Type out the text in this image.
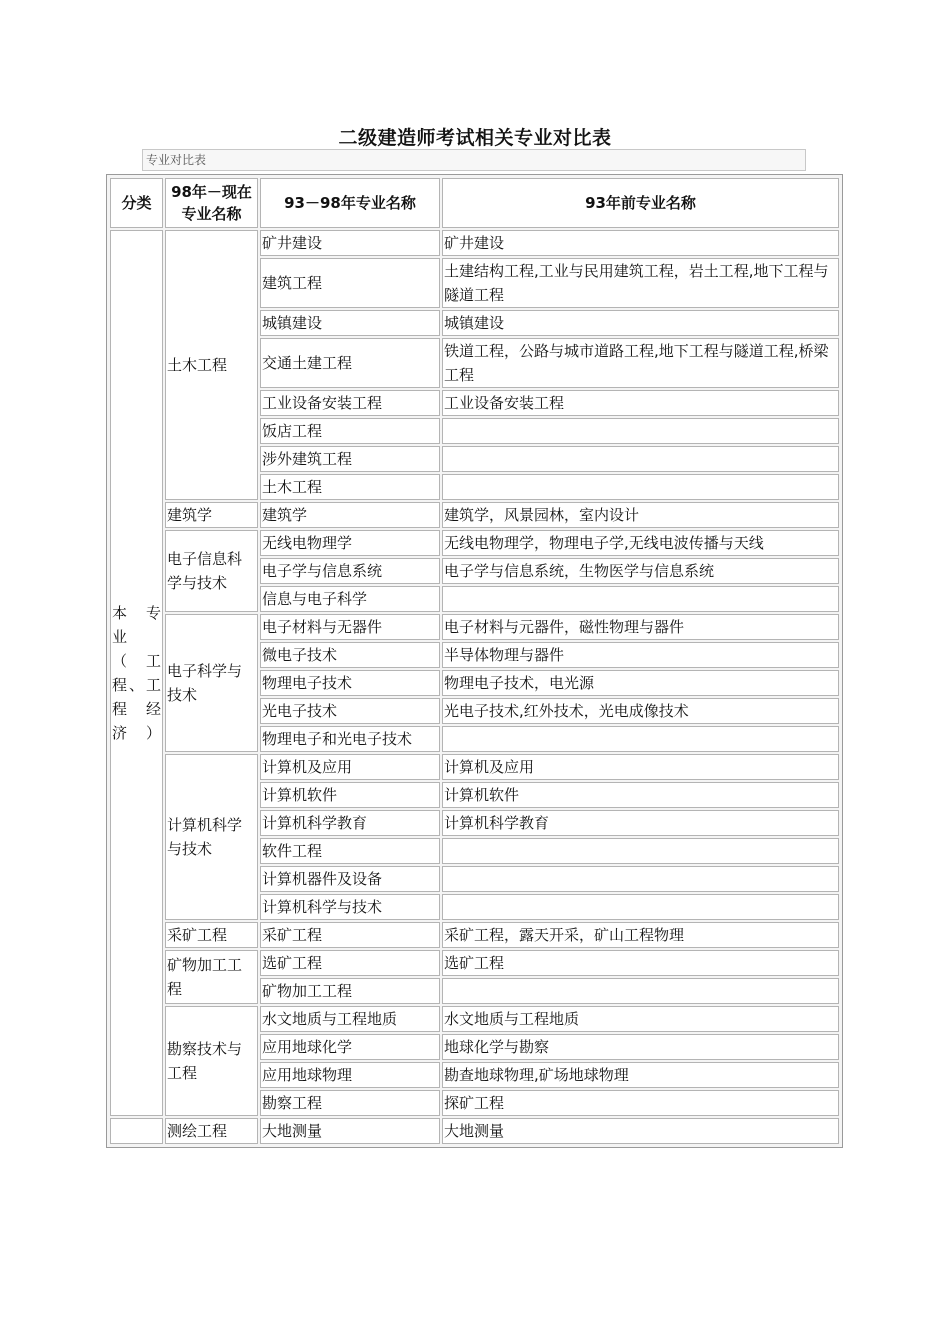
二级建造师考试相关专业对比表
专业对比表
分类	98年－现在专业名称	93－98年专业名称	93年前专业名称

本　专业 （工程、工程经济）	土木工程	矿井建设	矿井建设
		建筑工程	土建结构工程,工业与民用建筑工程，岩土工程,地下工程与隧道工程
		城镇建设	城镇建设
		交通土建工程	铁道工程，公路与城市道路工程,地下工程与隧道工程,桥梁工程
		工业设备安装工程	工业设备安装工程
		饭店工程	
		涉外建筑工程	
		土木工程	
	建筑学	建筑学	建筑学，风景园林，室内设计
	电子信息科学与技术	无线电物理学	无线电物理学，物理电子学,无线电波传播与天线
		电子学与信息系统	电子学与信息系统，生物医学与信息系统
		信息与电子科学	
	电子科学与技术	电子材料与无器件	电子材料与元器件，磁性物理与器件
		微电子技术	半导体物理与器件
		物理电子技术	物理电子技术，电光源
		光电子技术	光电子技术,红外技术，光电成像技术
		物理电子和光电子技术	
	计算机科学与技术	计算机及应用	计算机及应用
		计算机软件	计算机软件
		计算机科学教育	计算机科学教育
		软件工程	
		计算机器件及设备	
		计算机科学与技术	
	采矿工程	采矿工程	采矿工程，露天开采，矿山工程物理
	矿物加工工程	选矿工程	选矿工程
		矿物加工工程	
	勘察技术与工程	水文地质与工程地质	水文地质与工程地质
		应用地球化学	地球化学与勘察
		应用地球物理	勘查地球物理,矿场地球物理
		勘察工程	探矿工程
	测绘工程	大地测量	大地测量
